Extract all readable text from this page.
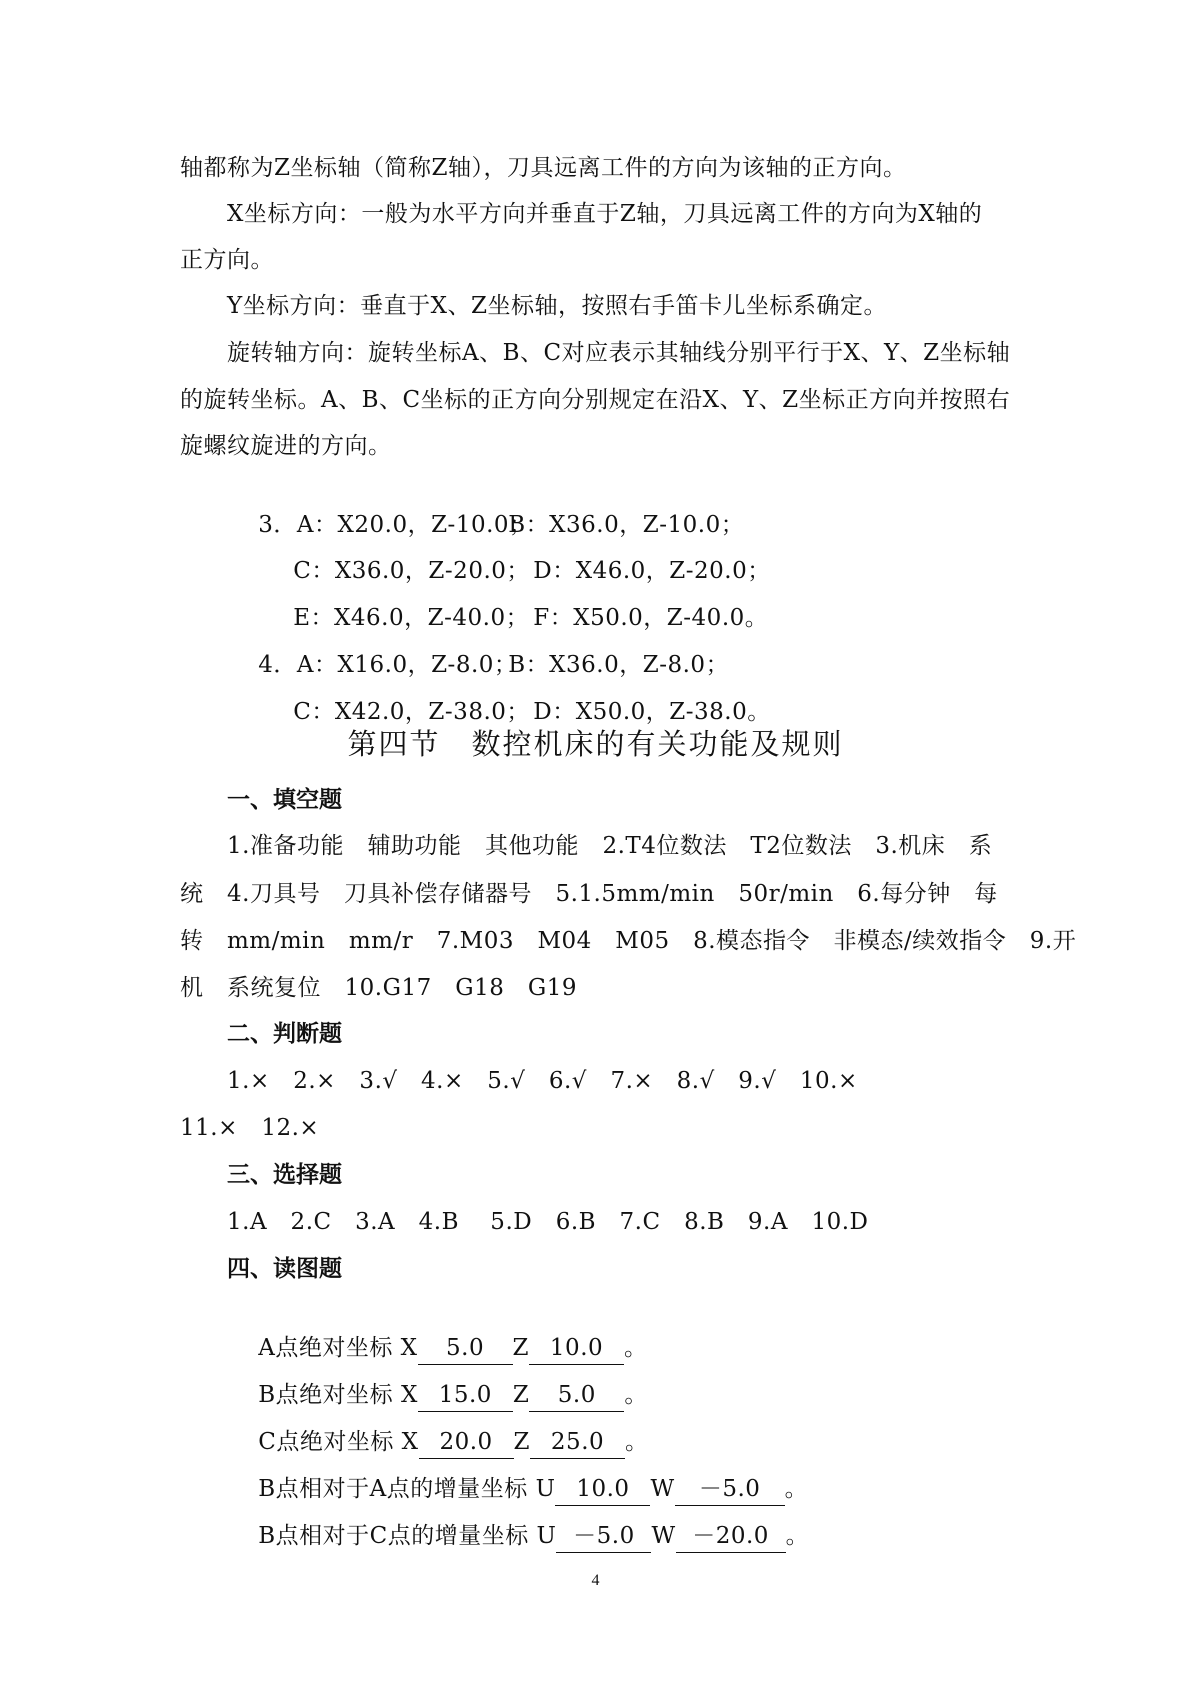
轴都称为Z坐标轴（简称Z轴），刀具远离工件的方向为该轴的正方向。
X坐标方向：一般为水平方向并垂直于Z轴，刀具远离工件的方向为X轴的
正方向。
Y坐标方向：垂直于X、Z坐标轴，按照右手笛卡儿坐标系确定。
旋转轴方向：旋转坐标A、B、C对应表示其轴线分别平行于X、Y、Z坐标轴
的旋转坐标。A、B、C坐标的正方向分别规定在沿X、Y、Z坐标正方向并按照右
旋螺纹旋进的方向。

3．A：X20.0，Z-10.0；B：X36.0，Z-10.0；

C：X36.0，Z-20.0； D：X46.0，Z-20.0；

E：X46.0，Z-40.0； F：X50.0，Z-40.0。

4．A：X16.0，Z-8.0；B：X36.0，Z-8.0；

C：X42.0，Z-38.0； D：X50.0，Z-38.0。

第四节　数控机床的有关功能及规则
一、填空题
1.准备功能　辅助功能　其他功能　2.T4位数法　T2位数法　3.机床　系
统　4.刀具号　刀具补偿存储器号　5.1.5mm/min　50r/min　6.每分钟　每
转　mm/min　mm/r　7.M03　M04　M05　8.模态指令　非模态/续效指令　9.开
机　系统复位　10.G17　G18　G19
二、判断题
1.×　2.×　3.√　4.×　5.√　6.√　7.×　8.√　9.√　10.×
11.×　12.×
三、选择题
1.A　2.C　3.A　4.B　 5.D　6.B　7.C　8.B　9.A　10.D
四、读图题

A点绝对坐标 X 5.0 Z 10.0 。

B点绝对坐标 X 15.0 Z 5.0 。

C点绝对坐标 X 20.0 Z 25.0 。

B点相对于A点的增量坐标 U 10.0 W －5.0 。

B点相对于C点的增量坐标 U －5.0 W －20.0 。

4
